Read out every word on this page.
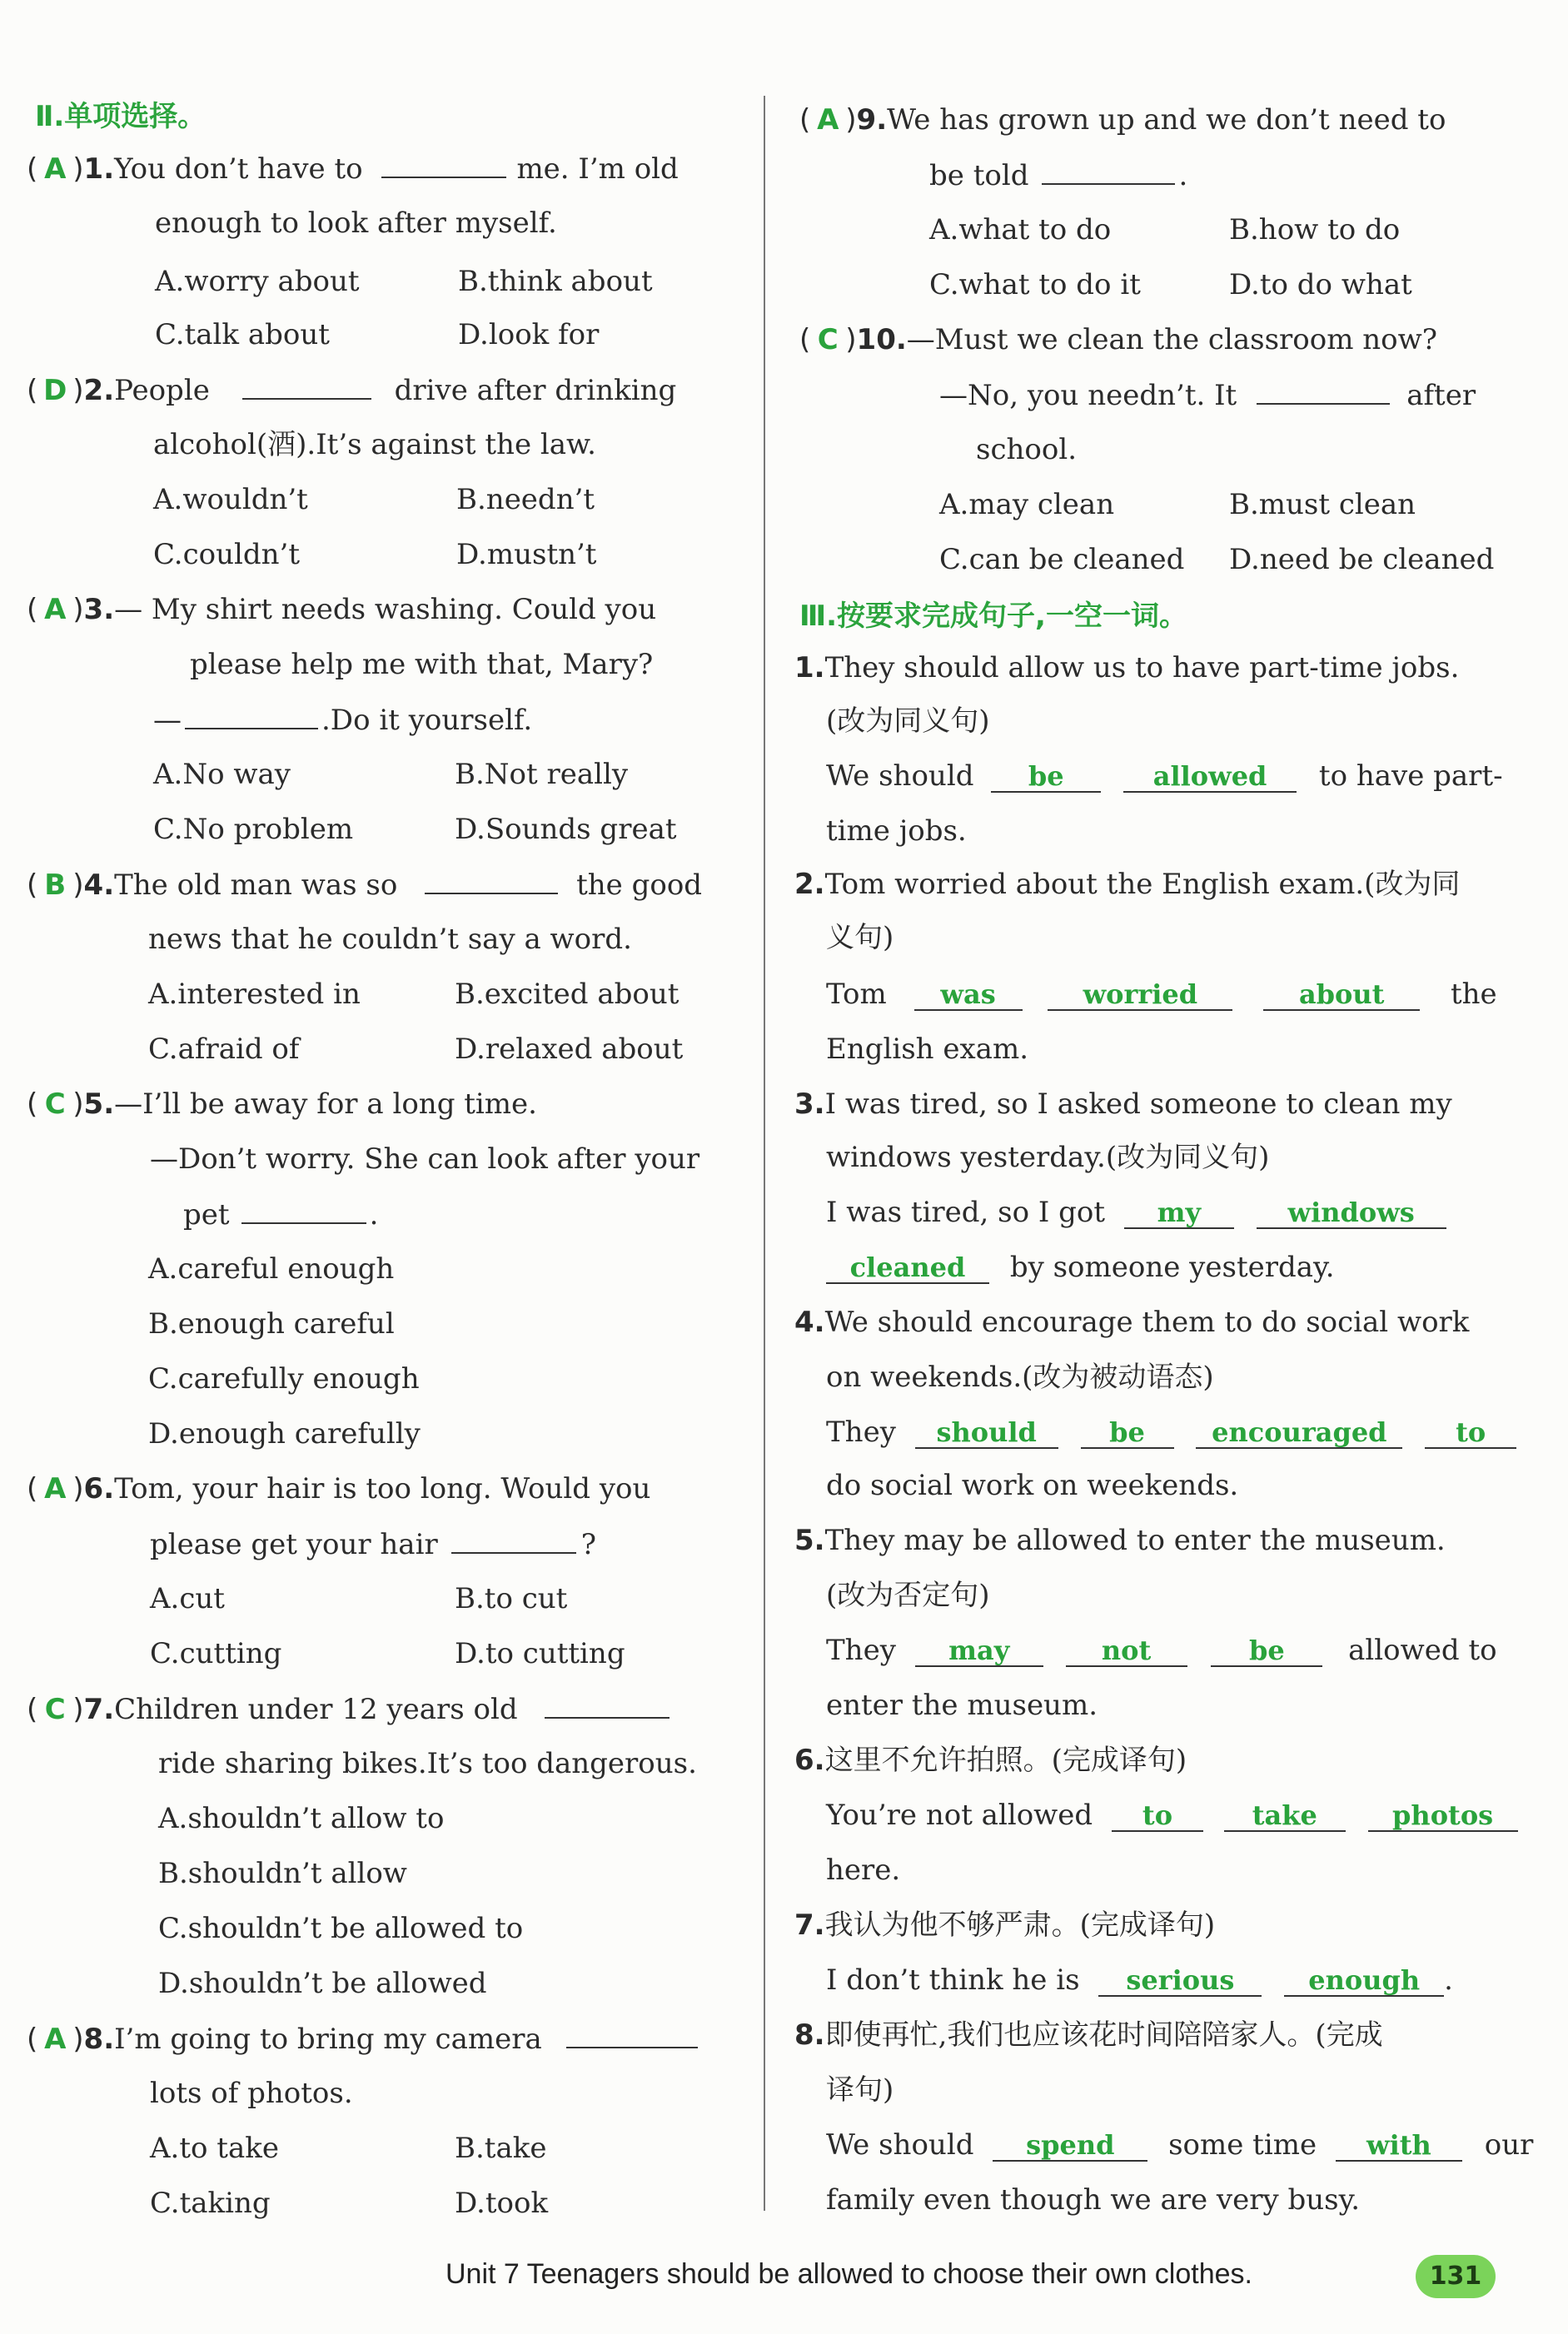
Ⅱ.单项选择。
( A )1.You don’t have to	me. I’m old
enough to look after myself.
A.worry about	B.think about
C.talk about	D.look for
( D )2.People	drive after drinking
alcohol(酒).It’s against the law.
A.wouldn’t	B.needn’t
C.couldn’t	D.mustn’t
( A )3.— My shirt needs washing. Could you
please help me with that, Mary?
—	.Do it yourself.
A.No way	B.Not really
C.No problem	D.Sounds great
( B )4.The old man was so	the good
news that he couldn’t say a word.
A.interested in	B.excited about
C.afraid of	D.relaxed about
( C )5.—I’ll be away for a long time.
—Don’t worry. She can look after your
pet	.
A.careful enough
B.enough careful
C.carefully enough
D.enough carefully
( A )6.Tom, your hair is too long. Would you
please get your hair	?
A.cut	B.to cut
C.cutting	D.to cutting
( C )7.Children under 12 years old
ride sharing bikes.It’s too dangerous.
A.shouldn’t allow to
B.shouldn’t allow
C.shouldn’t be allowed to
D.shouldn’t be allowed
( A )8.I’m going to bring my camera
lots of photos.
A.to take	B.take
C.taking	D.took
( A )9.We has grown up and we don’t need to
be told	.
A.what to do	B.how to do
C.what to do it	D.to do what
( C )10.—Must we clean the classroom now?
—No, you needn’t. It	after
school.
A.may clean	B.must clean
C.can be cleaned D.need be cleaned
Ⅲ.按要求完成句子,一空一词。
1.They should allow us to have part-time jobs.
(改为同义句)
We should be	allowed to have part-
time jobs.
2.Tom worried about the English exam.(改为同
义句)
Tom was	worried	about the
English exam.
3.I was tired, so I asked someone to clean my
windows yesterday.(改为同义句)
I was tired, so I got my	windows
cleaned by someone yesterday.
4.We should encourage them to do social work
on weekends.(改为被动语态)
They should	be	encouraged	to
do social work on weekends.
5.They may be allowed to enter the museum.
(改为否定句)
They may	not	be allowed to
enter the museum.
6.这里不允许拍照。(完成译句)
You’re not allowed to	take	photos
here.
7.我认为他不够严肃。(完成译句)
I don’t think he is serious	enough .
8.即使再忙,我们也应该花时间陪陪家人。(完成
译句)
We should spend some time with our
family even though we are very busy.
Unit 7 Teenagers should be allowed to choose their own clothes.	131
